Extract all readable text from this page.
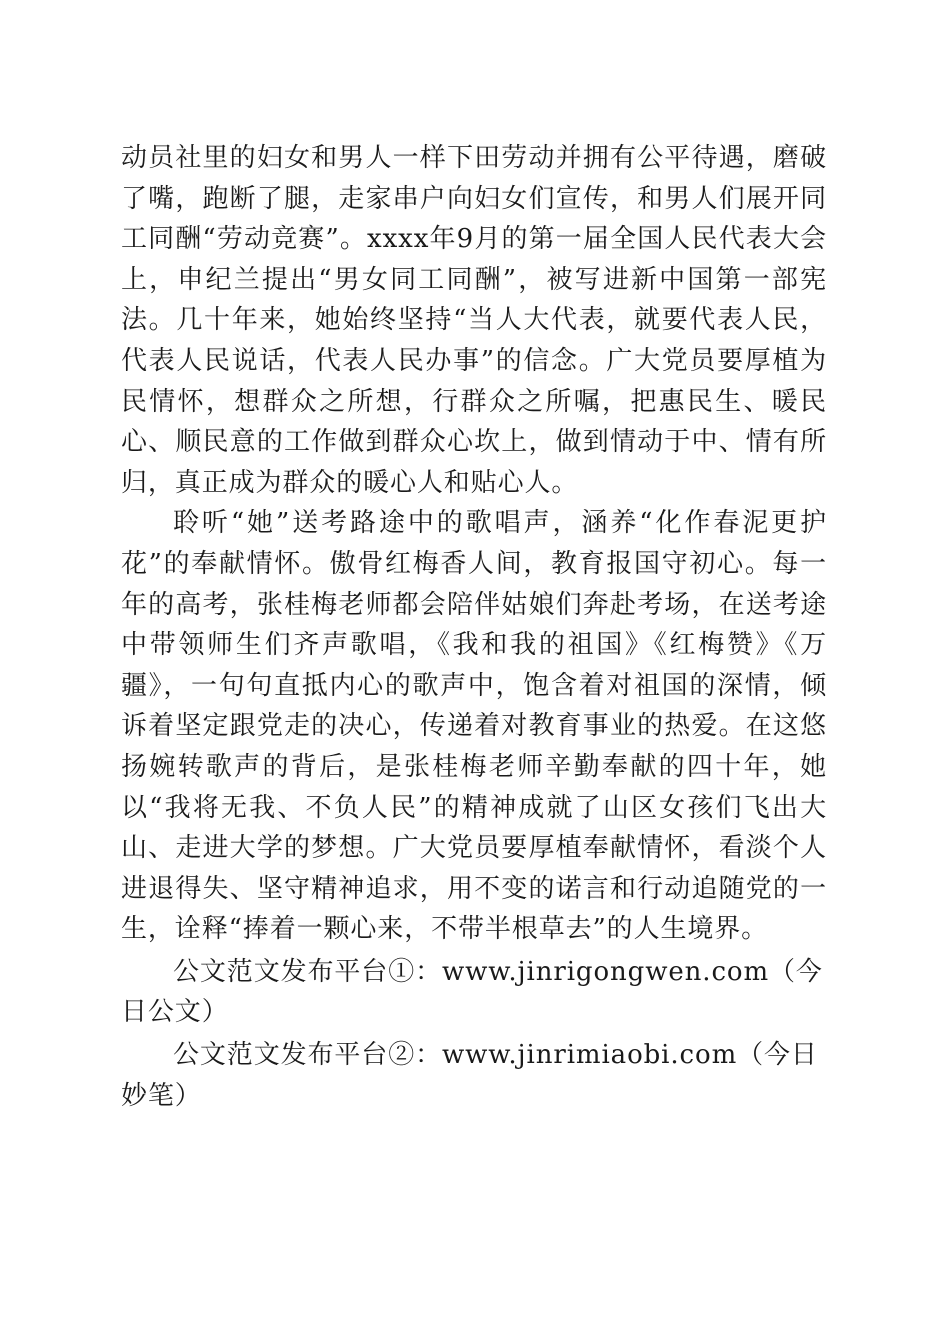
动员社里的妇女和男人一样下田劳动并拥有公平待遇，磨破了嘴，跑断了腿，走家串户向妇女们宣传，和男人们展开同工同酬“劳动竞赛”。xxxx年9月的第一届全国人民代表大会上，申纪兰提出“男女同工同酬”，被写进新中国第一部宪法。几十年来，她始终坚持“当人大代表，就要代表人民，代表人民说话，代表人民办事”的信念。广大党员要厚植为民情怀，想群众之所想，行群众之所嘱，把惠民生、暖民心、顺民意的工作做到群众心坎上，做到情动于中、情有所归，真正成为群众的暖心人和贴心人。

聆听“她”送考路途中的歌唱声，涵养“化作春泥更护花”的奉献情怀。傲骨红梅香人间，教育报国守初心。每一年的高考，张桂梅老师都会陪伴姑娘们奔赴考场，在送考途中带领师生们齐声歌唱，《我和我的祖国》《红梅赞》《万疆》，一句句直抵内心的歌声中，饱含着对祖国的深情，倾诉着坚定跟党走的决心，传递着对教育事业的热爱。在这悠扬婉转歌声的背后，是张桂梅老师辛勤奉献的四十年，她以“我将无我、不负人民”的精神成就了山区女孩们飞出大山、走进大学的梦想。广大党员要厚植奉献情怀，看淡个人进退得失、坚守精神追求，用不变的诺言和行动追随党的一生，诠释“捧着一颗心来，不带半根草去”的人生境界。

公文范文发布平台①：www.jinrigongwen.com（今日公文）

公文范文发布平台②：www.jinrimiaobi.com（今日妙笔）
